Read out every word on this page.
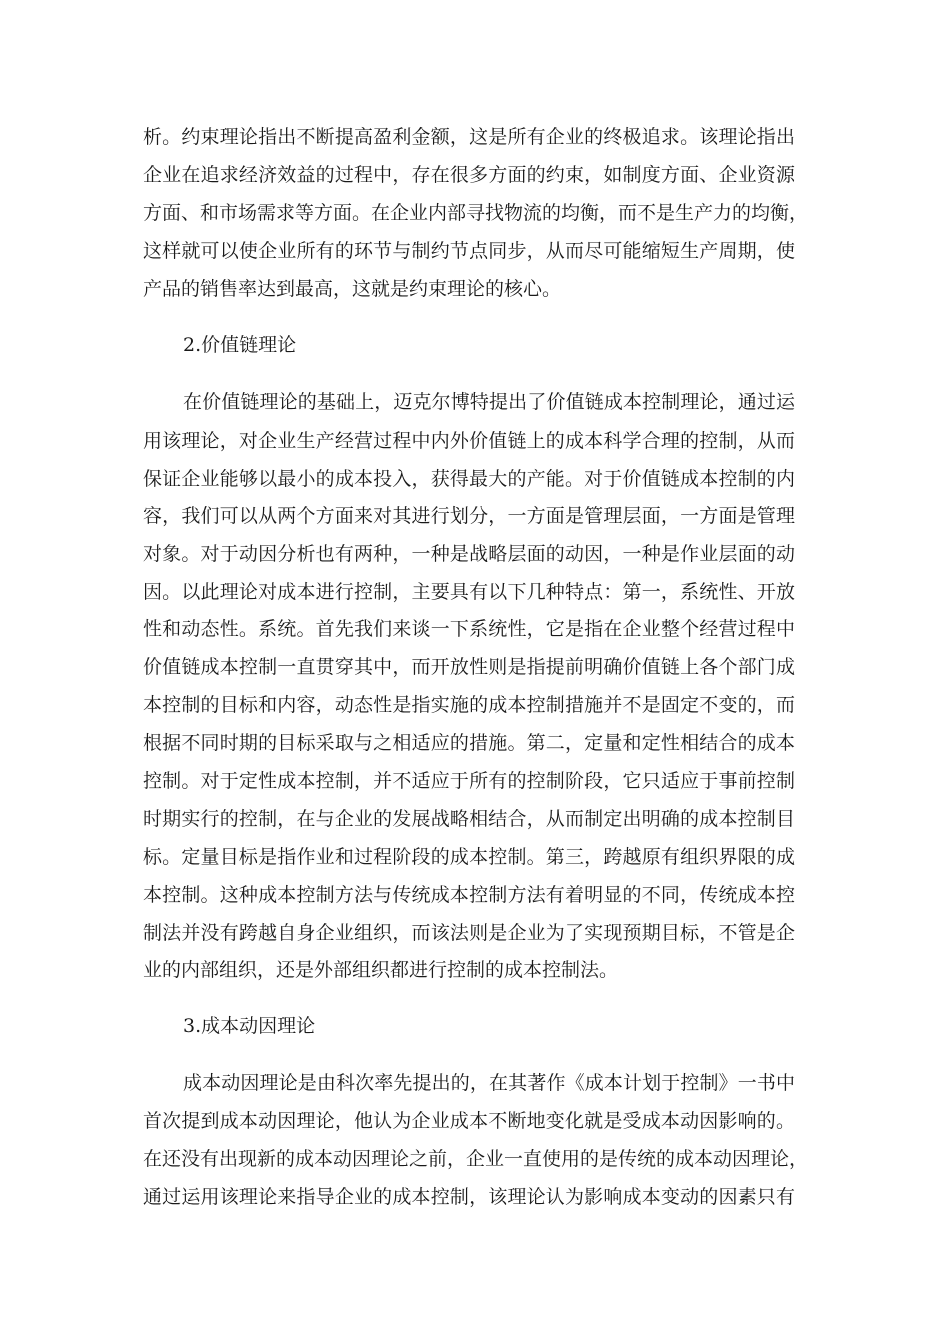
析。约束理论指出不断提高盈利金额，这是所有企业的终极追求。该理论指出
企业在追求经济效益的过程中，存在很多方面的约束，如制度方面、企业资源
方面、和市场需求等方面。在企业内部寻找物流的均衡，而不是生产力的均衡，
这样就可以使企业所有的环节与制约节点同步，从而尽可能缩短生产周期，使
产品的销售率达到最高，这就是约束理论的核心。
2.价值链理论
在价值链理论的基础上，迈克尔博特提出了价值链成本控制理论，通过运
用该理论，对企业生产经营过程中内外价值链上的成本科学合理的控制，从而
保证企业能够以最小的成本投入，获得最大的产能。对于价值链成本控制的内
容，我们可以从两个方面来对其进行划分，一方面是管理层面，一方面是管理
对象。对于动因分析也有两种，一种是战略层面的动因，一种是作业层面的动
因。以此理论对成本进行控制，主要具有以下几种特点：第一，系统性、开放
性和动态性。系统。首先我们来谈一下系统性，它是指在企业整个经营过程中
价值链成本控制一直贯穿其中，而开放性则是指提前明确价值链上各个部门成
本控制的目标和内容，动态性是指实施的成本控制措施并不是固定不变的，而
根据不同时期的目标采取与之相适应的措施。第二，定量和定性相结合的成本
控制。对于定性成本控制，并不适应于所有的控制阶段，它只适应于事前控制
时期实行的控制，在与企业的发展战略相结合，从而制定出明确的成本控制目
标。定量目标是指作业和过程阶段的成本控制。第三，跨越原有组织界限的成
本控制。这种成本控制方法与传统成本控制方法有着明显的不同，传统成本控
制法并没有跨越自身企业组织，而该法则是企业为了实现预期目标，不管是企
业的内部组织，还是外部组织都进行控制的成本控制法。
3.成本动因理论
成本动因理论是由科次率先提出的，在其著作《成本计划于控制》一书中
首次提到成本动因理论，他认为企业成本不断地变化就是受成本动因影响的。
在还没有出现新的成本动因理论之前，企业一直使用的是传统的成本动因理论，
通过运用该理论来指导企业的成本控制，该理论认为影响成本变动的因素只有
